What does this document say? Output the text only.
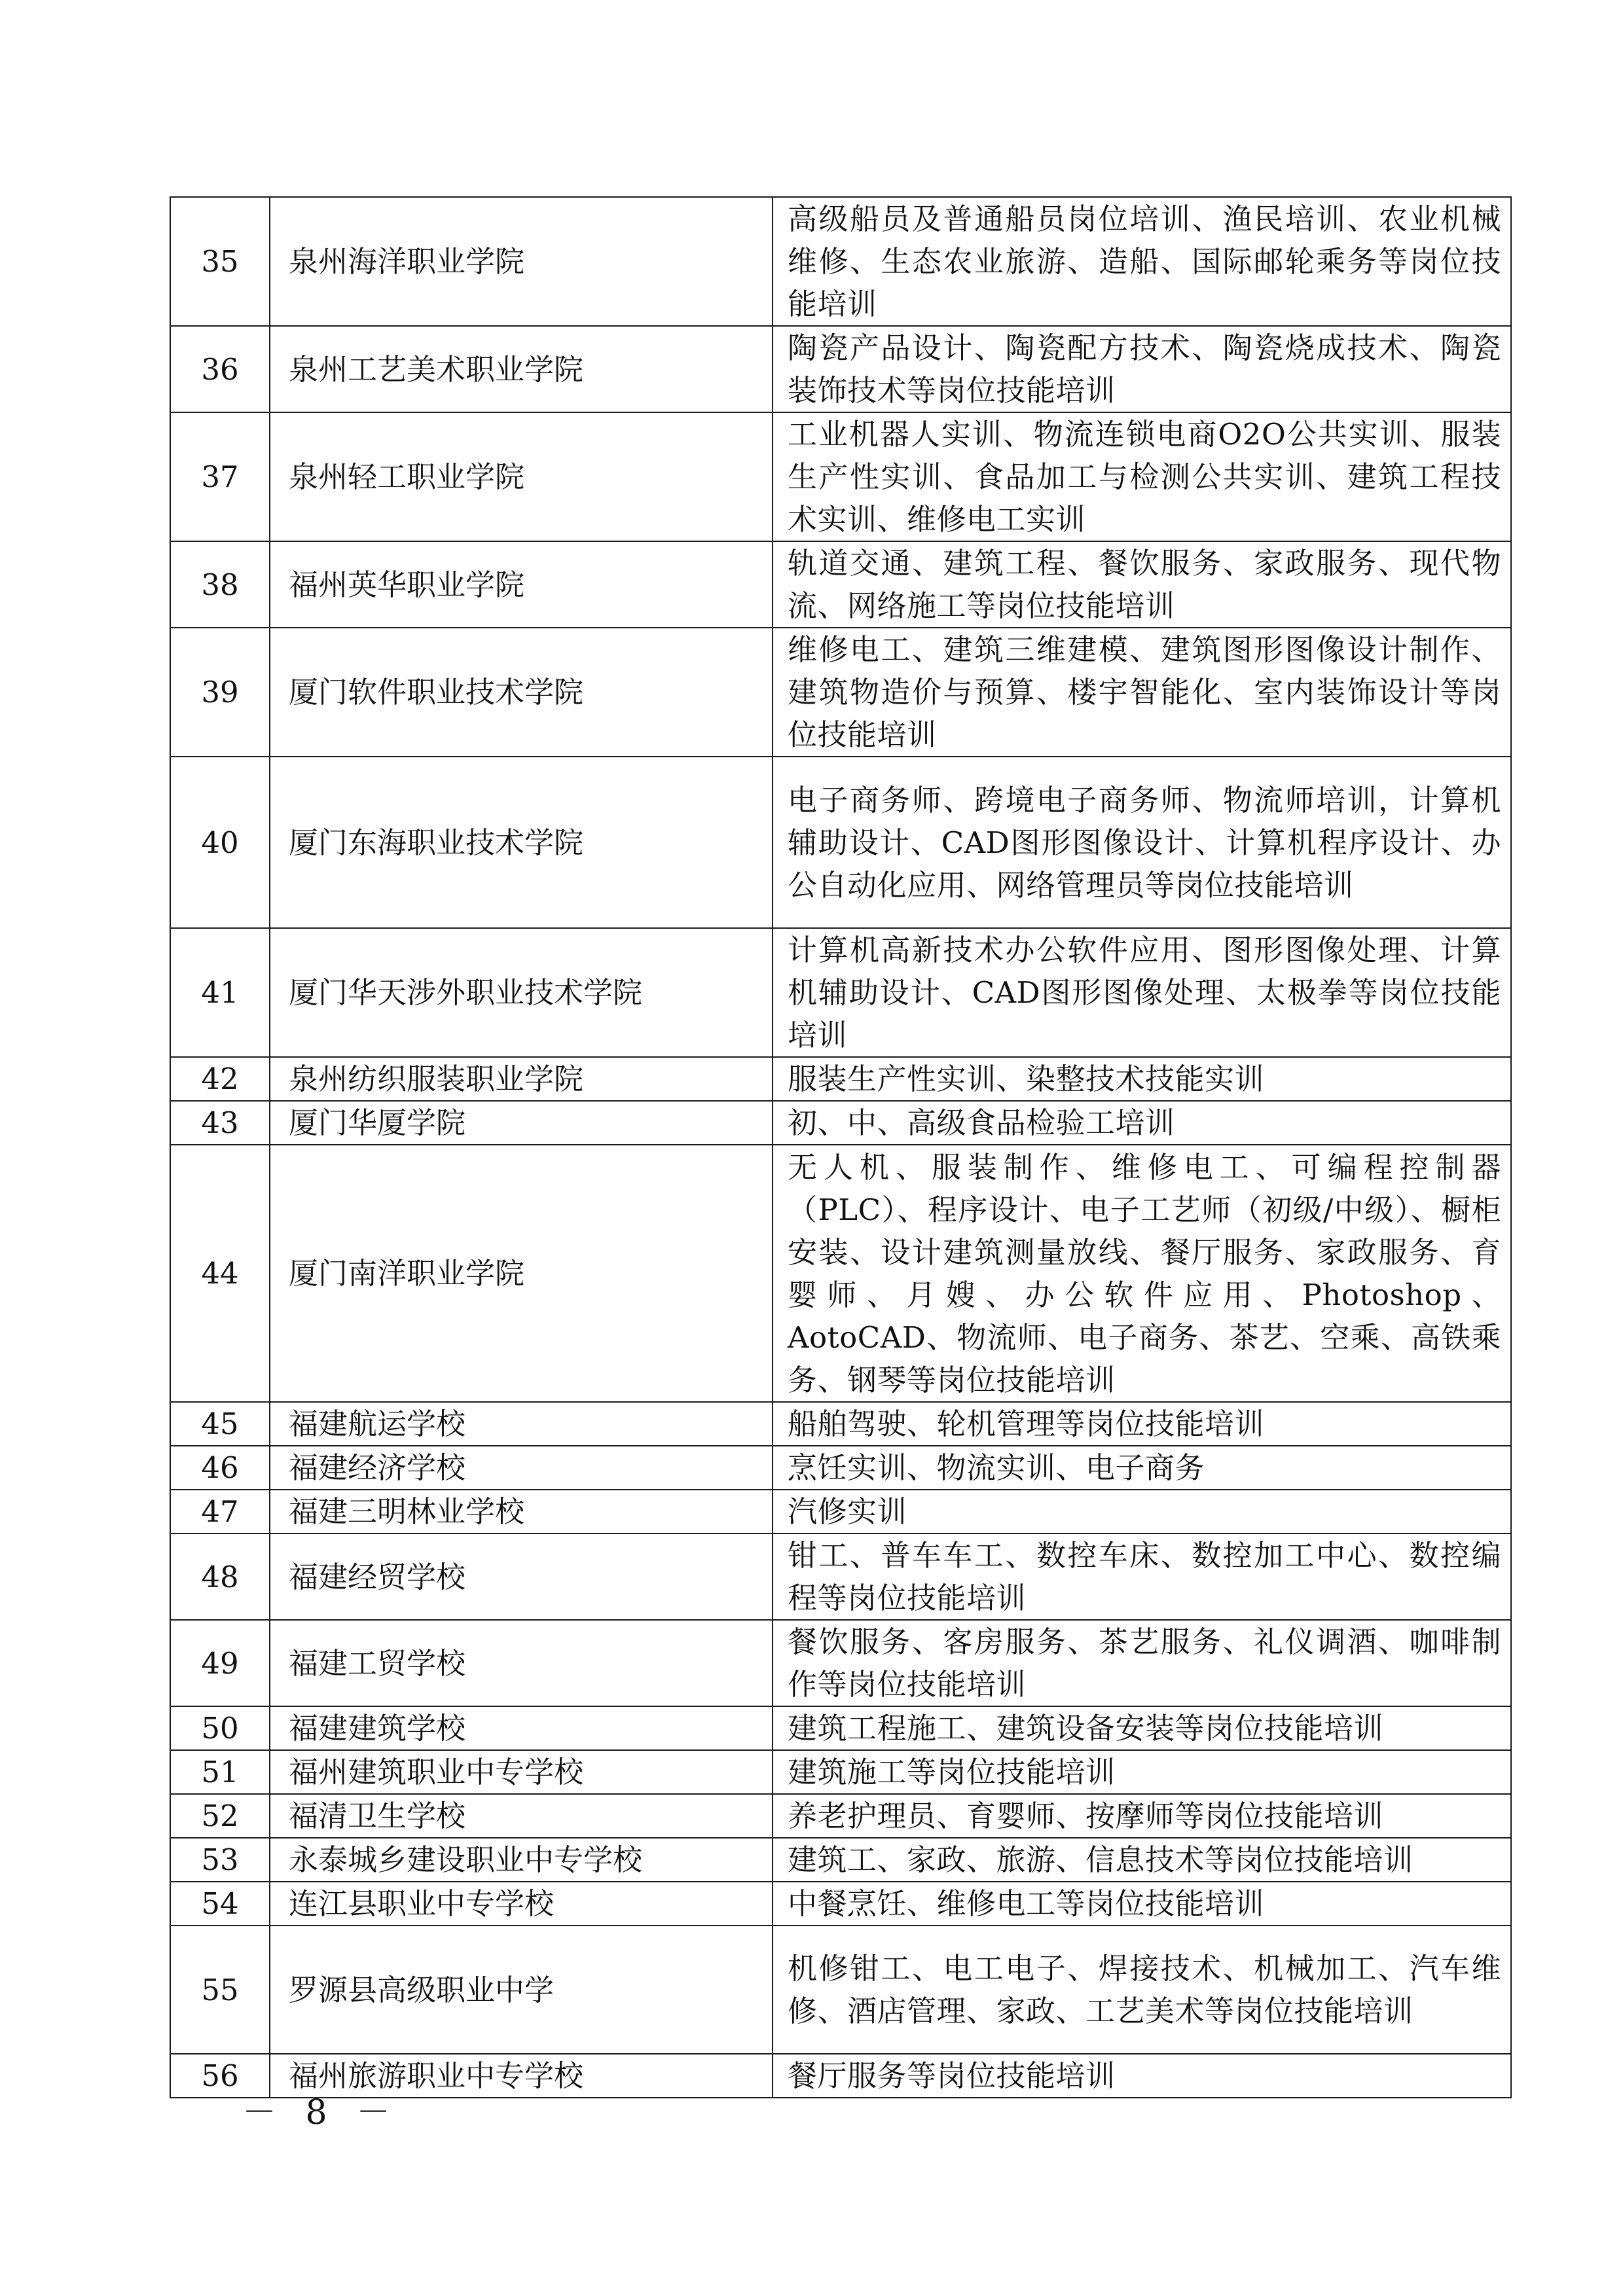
35	泉州海洋职业学院	高级船员及普通船员岗位培训、渔民培训、农业机械维修、生态农业旅游、造船、国际邮轮乘务等岗位技能培训
36	泉州工艺美术职业学院	陶瓷产品设计、陶瓷配方技术、陶瓷烧成技术、陶瓷装饰技术等岗位技能培训
37	泉州轻工职业学院	工业机器人实训、物流连锁电商O2O公共实训、服装生产性实训、食品加工与检测公共实训、建筑工程技术实训、维修电工实训
38	福州英华职业学院	轨道交通、建筑工程、餐饮服务、家政服务、现代物流、网络施工等岗位技能培训
39	厦门软件职业技术学院	维修电工、建筑三维建模、建筑图形图像设计制作、建筑物造价与预算、楼宇智能化、室内装饰设计等岗位技能培训
40	厦门东海职业技术学院	电子商务师、跨境电子商务师、物流师培训，计算机辅助设计、CAD图形图像设计、计算机程序设计、办公自动化应用、网络管理员等岗位技能培训
41	厦门华天涉外职业技术学院	计算机高新技术办公软件应用、图形图像处理、计算机辅助设计、CAD图形图像处理、太极拳等岗位技能培训
42	泉州纺织服装职业学院	服装生产性实训、染整技术技能实训
43	厦门华厦学院	初、中、高级食品检验工培训
44	厦门南洋职业学院	无人机、服装制作、维修电工、可编程控制器（PLC）、程序设计、电子工艺师（初级/中级）、橱柜安装、设计建筑测量放线、餐厅服务、家政服务、育婴师、月嫂、办公软件应用、Photoshop、AotoCAD、物流师、电子商务、茶艺、空乘、高铁乘务、钢琴等岗位技能培训
45	福建航运学校	船舶驾驶、轮机管理等岗位技能培训
46	福建经济学校	烹饪实训、物流实训、电子商务
47	福建三明林业学校	汽修实训
48	福建经贸学校	钳工、普车车工、数控车床、数控加工中心、数控编程等岗位技能培训
49	福建工贸学校	餐饮服务、客房服务、茶艺服务、礼仪调酒、咖啡制作等岗位技能培训
50	福建建筑学校	建筑工程施工、建筑设备安装等岗位技能培训
51	福州建筑职业中专学校	建筑施工等岗位技能培训
52	福清卫生学校	养老护理员、育婴师、按摩师等岗位技能培训
53	永泰城乡建设职业中专学校	建筑工、家政、旅游、信息技术等岗位技能培训
54	连江县职业中专学校	中餐烹饪、维修电工等岗位技能培训
55	罗源县高级职业中学	机修钳工、电工电子、焊接技术、机械加工、汽车维修、酒店管理、家政、工艺美术等岗位技能培训
56	福州旅游职业中专学校	餐厅服务等岗位技能培训
－ 8 －
